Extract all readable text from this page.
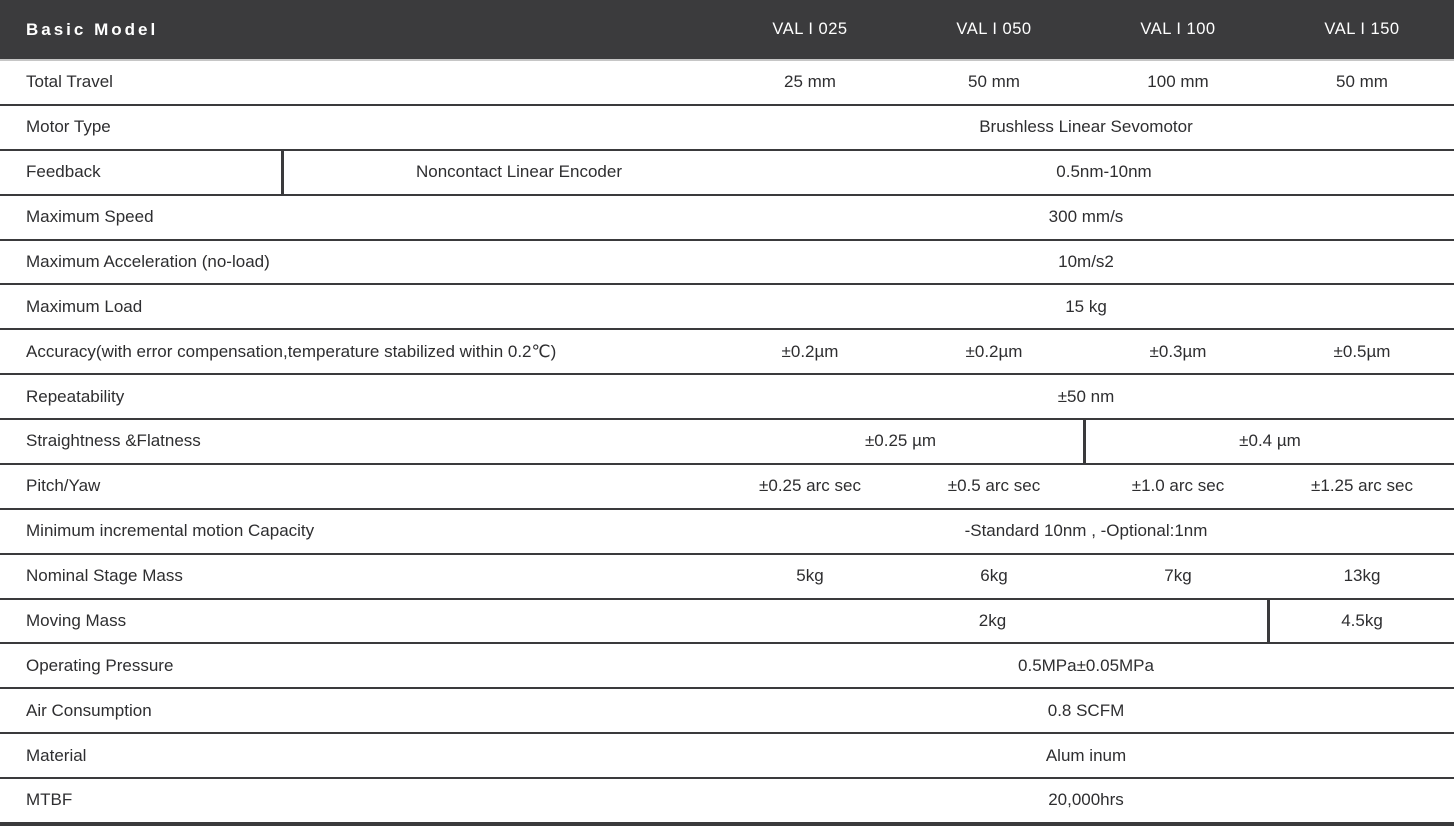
Basic Model	VAL I 025	VAL I 050	VAL I 100	VAL I 150
Total Travel	25 mm	50 mm	100 mm	50 mm
Motor Type	Brushless Linear Sevomotor
Feedback	Noncontact Linear Encoder	0.5nm-10nm
Maximum Speed	300 mm/s
Maximum Acceleration (no-load)	10m/s2
Maximum Load	15 kg
Accuracy(with error compensation,temperature stabilized within 0.2℃)	±0.2µm	±0.2µm	±0.3µm	±0.5µm
Repeatability	±50 nm
Straightness &Flatness	±0.25 µm	±0.4 µm
Pitch/Yaw	±0.25 arc sec	±0.5 arc sec	±1.0 arc sec	±1.25 arc sec
Minimum incremental motion Capacity	-Standard 10nm , -Optional:1nm
Nominal Stage Mass	5kg	6kg	7kg	13kg
Moving Mass	2kg	4.5kg
Operating Pressure	0.5MPa±0.05MPa
Air Consumption	0.8 SCFM
Material	Alum inum
MTBF	20,000hrs
